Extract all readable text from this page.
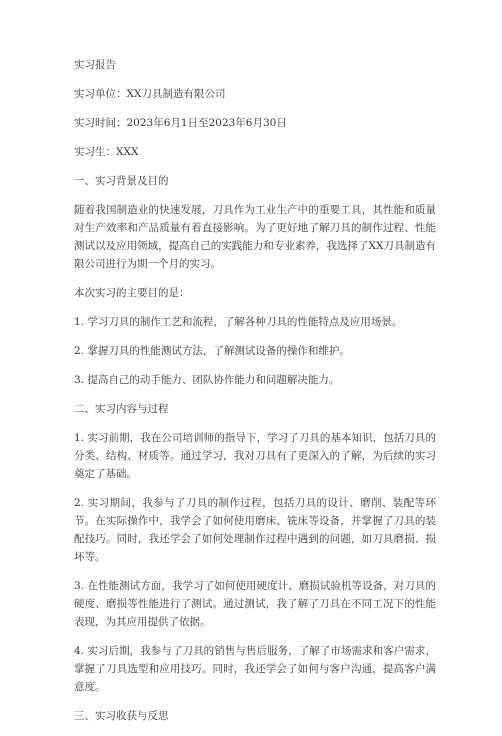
实习报告
实习单位：XX刀具制造有限公司
实习时间：2023年6月1日至2023年6月30日
实习生：XXX
一、实习背景及目的
随着我国制造业的快速发展，刀具作为工业生产中的重要工具，其性能和质量对生产效率和产品质量有着直接影响。为了更好地了解刀具的制作过程、性能测试以及应用领域，提高自己的实践能力和专业素养，我选择了XX刀具制造有限公司进行为期一个月的实习。
本次实习的主要目的是：
1. 学习刀具的制作工艺和流程，了解各种刀具的性能特点及应用场景。
2. 掌握刀具的性能测试方法，了解测试设备的操作和维护。
3. 提高自己的动手能力、团队协作能力和问题解决能力。
二、实习内容与过程
1. 实习前期，我在公司培训师的指导下，学习了刀具的基本知识，包括刀具的分类、结构、材质等。通过学习，我对刀具有了更深入的了解，为后续的实习奠定了基础。
2. 实习期间，我参与了刀具的制作过程，包括刀具的设计、磨削、装配等环节。在实际操作中，我学会了如何使用磨床、铣床等设备，并掌握了刀具的装配技巧。同时，我还学会了如何处理制作过程中遇到的问题，如刀具磨损、损坏等。
3. 在性能测试方面，我学习了如何使用硬度计、磨损试验机等设备，对刀具的硬度、磨损等性能进行了测试。通过测试，我了解了刀具在不同工况下的性能表现，为其应用提供了依据。
4. 实习后期，我参与了刀具的销售与售后服务，了解了市场需求和客户需求，掌握了刀具选型和应用技巧。同时，我还学会了如何与客户沟通，提高客户满意度。
三、实习收获与反思
